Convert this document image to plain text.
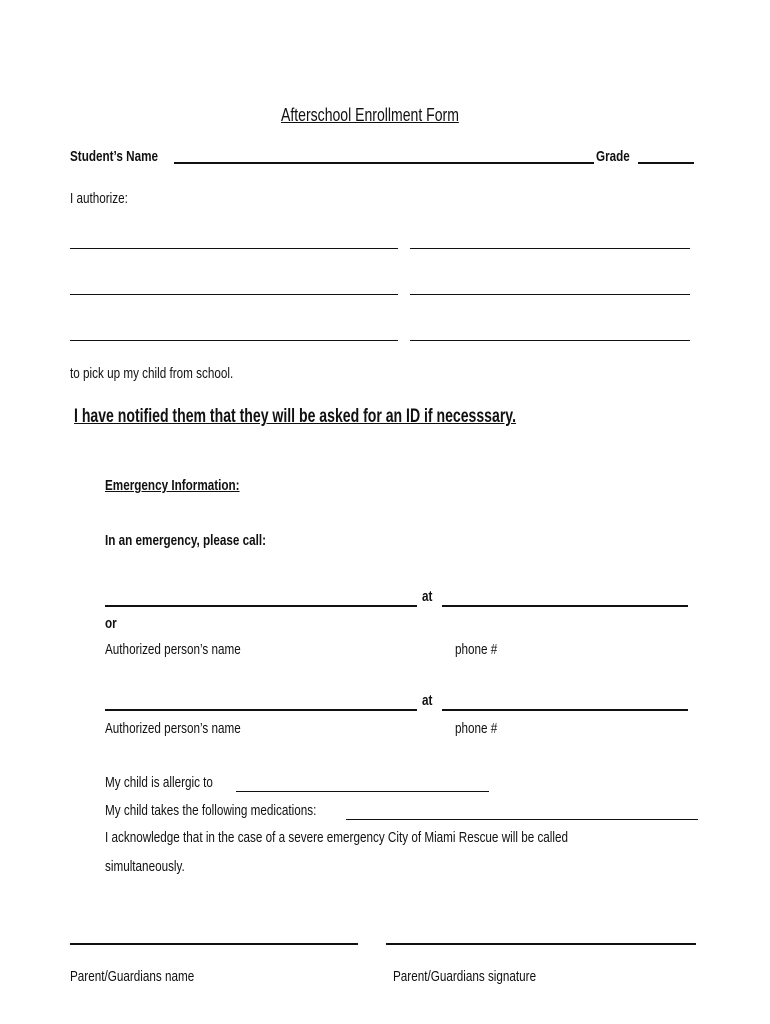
Afterschool Enrollment Form
Student’s Name	Grade
I authorize:
to pick up my child from school.
I have notified them that they will be asked for an ID if necesssary.
Emergency Information:
In an emergency, please call:
at
or
Authorized person’s name	phone #
at
Authorized person’s name	phone #
My child is allergic to
My child takes the following medications:
I acknowledge that in the case of a severe emergency City of Miami Rescue will be called
simultaneously.
Parent/Guardians name	Parent/Guardians signature
